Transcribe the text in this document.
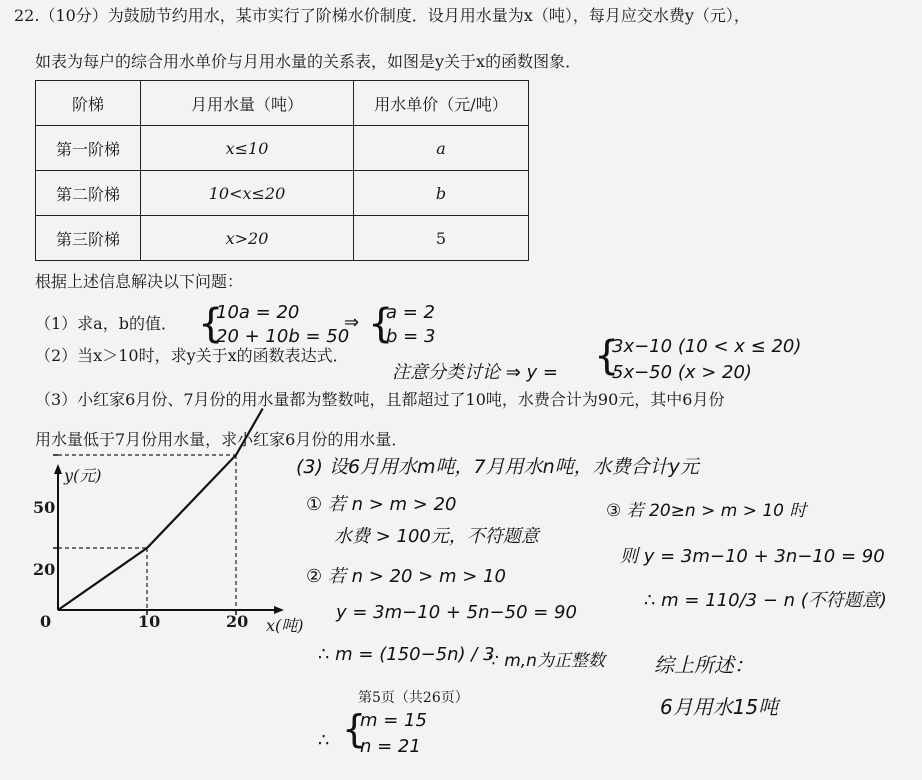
22.（10分）为鼓励节约用水，某市实行了阶梯水价制度．设月用水量为x（吨），每月应交水费y（元），
如表为每户的综合用水单价与月用水量的关系表，如图是y关于x的函数图象．
阶梯	月用水量（吨）	用水单价（元/吨）
第一阶梯	x≤10	a
第二阶梯	10<x≤20	b
第三阶梯	x>20	5
根据上述信息解决以下问题：
（1）求a，b的值．
（2）当x＞10时，求y关于x的函数表达式．
（3）小红家6月份、7月份的用水量都为整数吨，且都超过了10吨，水费合计为90元，其中6月份
用水量低于7月份用水量，求小红家6月份的用水量．
第5页（共26页）
y(元)
x(吨)
0
50
20
10	20
{
10a = 20
20 + 10b = 50
⇒ {
a = 2
b = 3
注意分类讨论 ⇒ y = {
3x−10 (10 < x ≤ 20)
5x−50 (x > 20)
(3) 设6月用水m吨，7月用水n吨，水费合计y元
① 若 n > m > 20
水费 > 100元，不符题意
② 若 n > 20 > m > 10
y = 3m−10 + 5n−50 = 90
∴ m = (150−5n) / 3
∵ m,n为正整数
∴ {
m = 15
n = 21
③ 若 20≥n > m > 10 时
则 y = 3m−10 + 3n−10 = 90
∴ m = 110/3 − n (不符题意)
综上所述：
6月用水15吨
